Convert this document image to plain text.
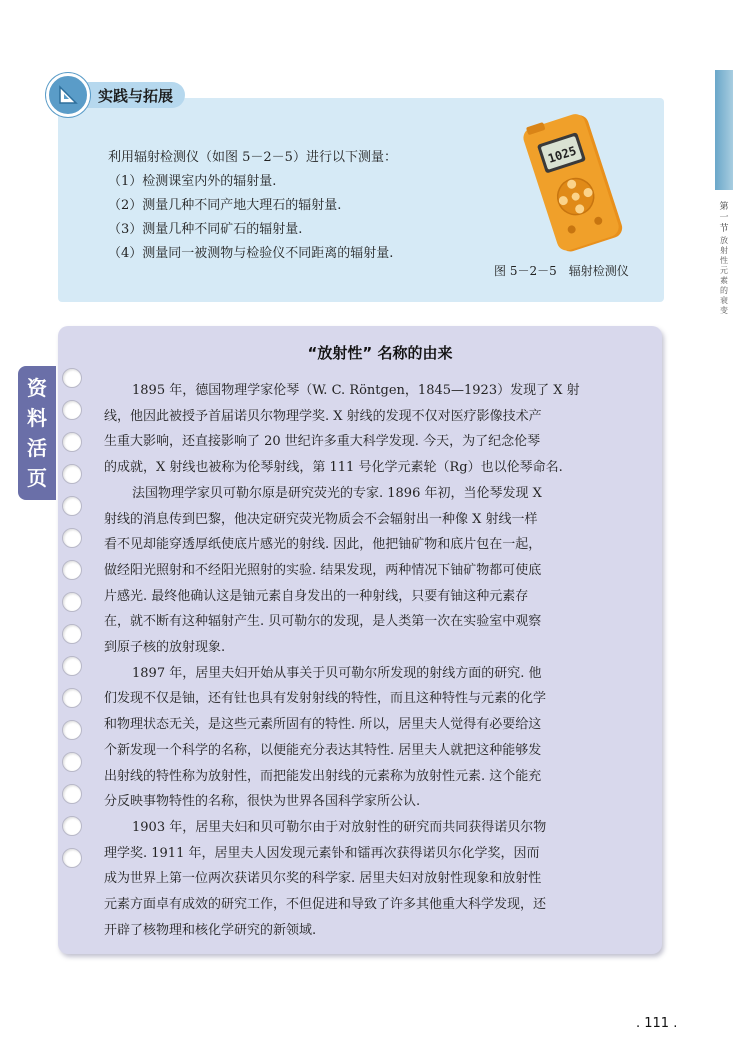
第一节
放射性元素的衰变
实践与拓展
利用辐射检测仪（如图 5－2－5）进行以下测量：
（1）检测课室内外的辐射量.
（2）测量几种不同产地大理石的辐射量.
（3）测量几种不同矿石的辐射量.
（4）测量同一被测物与检验仪不同距离的辐射量.
1025
图 5－2－5　辐射检测仪
资
料
活
页
“放射性” 名称的由来
1895 年，德国物理学家伦琴（W. C. Röntgen，1845—1923）发现了 X 射
线，他因此被授予首届诺贝尔物理学奖. X 射线的发现不仅对医疗影像技术产
生重大影响，还直接影响了 20 世纪许多重大科学发现. 今天，为了纪念伦琴
的成就，X 射线也被称为伦琴射线，第 111 号化学元素轮（Rg）也以伦琴命名.
法国物理学家贝可勒尔原是研究荧光的专家. 1896 年初，当伦琴发现 X
射线的消息传到巴黎，他决定研究荧光物质会不会辐射出一种像 X 射线一样
看不见却能穿透厚纸使底片感光的射线. 因此，他把铀矿物和底片包在一起，
做经阳光照射和不经阳光照射的实验. 结果发现，两种情况下铀矿物都可使底
片感光. 最终他确认这是铀元素自身发出的一种射线，只要有铀这种元素存
在，就不断有这种辐射产生. 贝可勒尔的发现，是人类第一次在实验室中观察
到原子核的放射现象.
1897 年，居里夫妇开始从事关于贝可勒尔所发现的射线方面的研究. 他
们发现不仅是铀，还有钍也具有发射射线的特性，而且这种特性与元素的化学
和物理状态无关，是这些元素所固有的特性. 所以，居里夫人觉得有必要给这
个新发现一个科学的名称，以便能充分表达其特性. 居里夫人就把这种能够发
出射线的特性称为放射性，而把能发出射线的元素称为放射性元素. 这个能充
分反映事物特性的名称，很快为世界各国科学家所公认.
1903 年，居里夫妇和贝可勒尔由于对放射性的研究而共同获得诺贝尔物
理学奖. 1911 年，居里夫人因发现元素钋和镭再次获得诺贝尔化学奖，因而
成为世界上第一位两次获诺贝尔奖的科学家. 居里夫妇对放射性现象和放射性
元素方面卓有成效的研究工作，不但促进和导致了许多其他重大科学发现，还
开辟了核物理和核化学研究的新领域.
. 111 .
